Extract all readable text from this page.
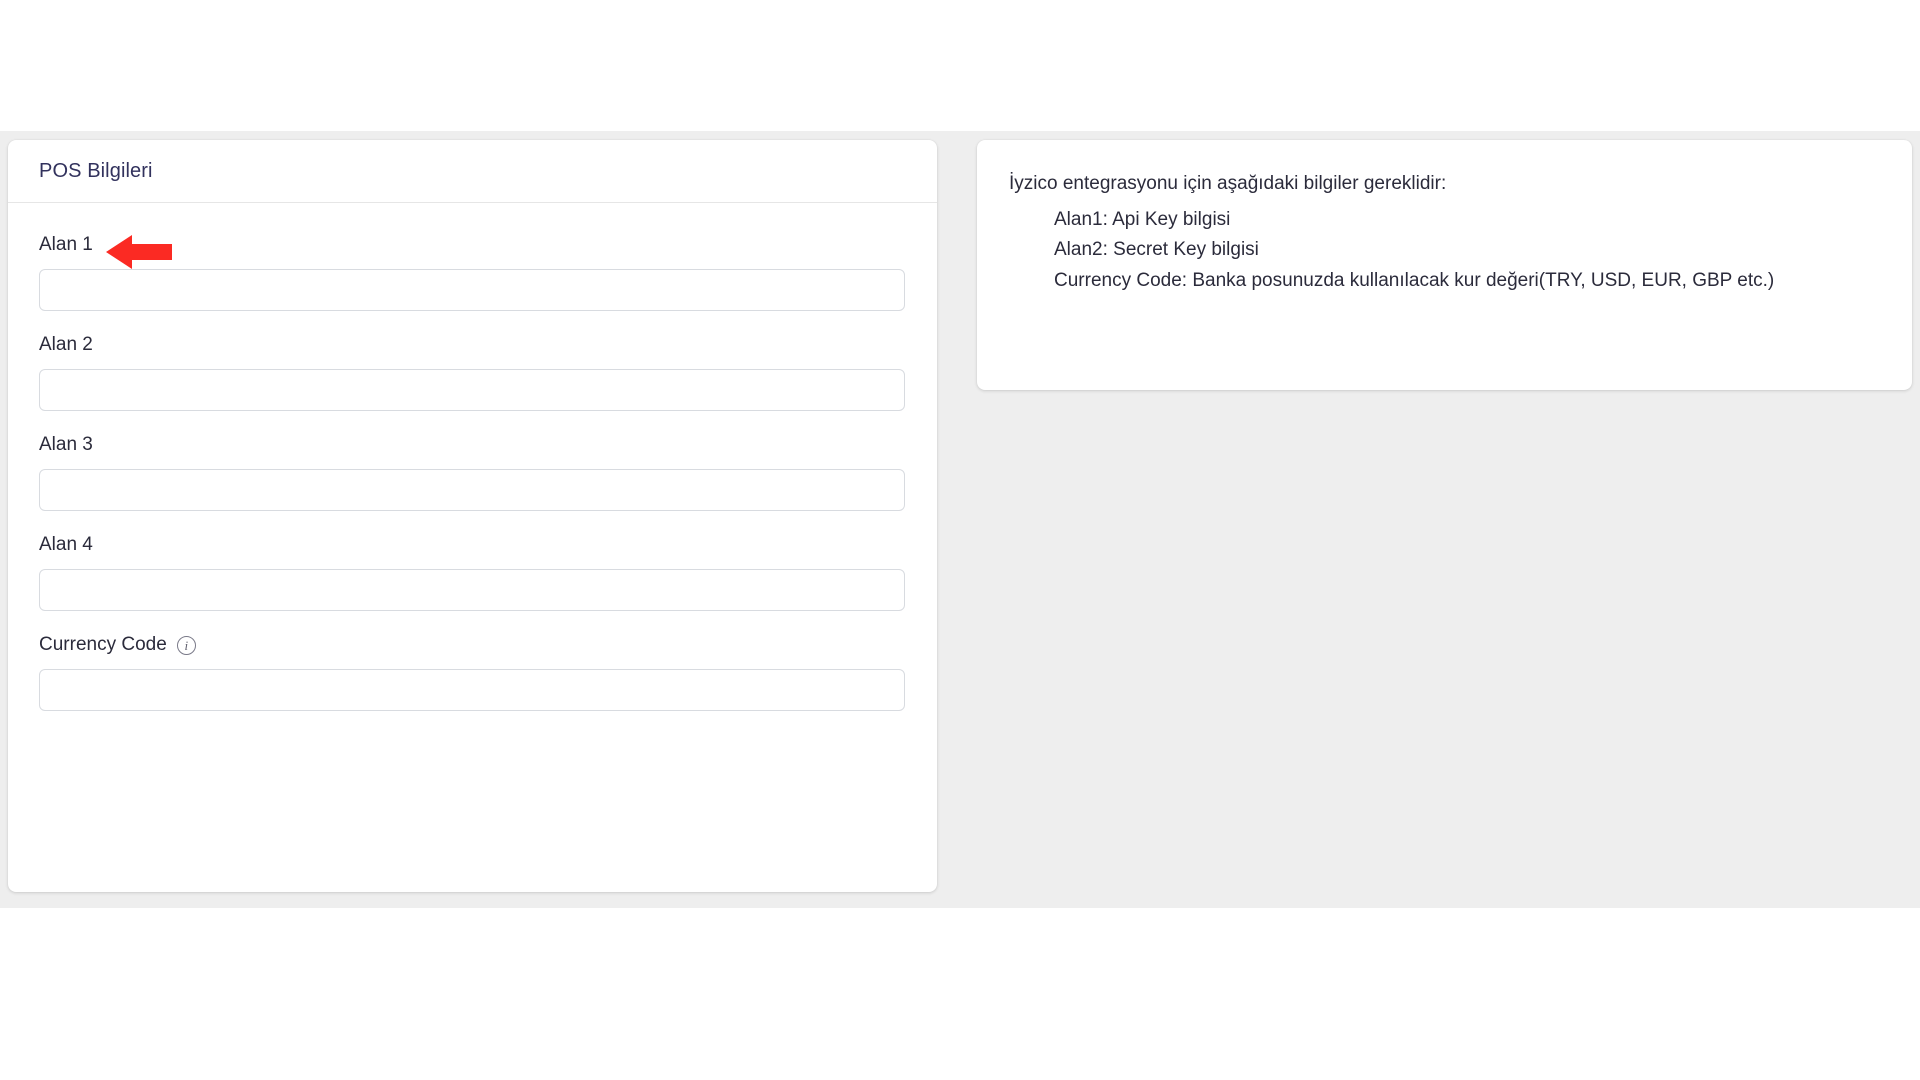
POS Bilgileri
Alan 1
Alan 2
Alan 3
Alan 4
Currency Code	i

İyzico entegrasyonu için aşağıdaki bilgiler gereklidir:

Alan1: Api Key bilgisi
Alan2: Secret Key bilgisi
Currency Code: Banka posunuzda kullanılacak kur değeri(TRY, USD, EUR, GBP etc.)
